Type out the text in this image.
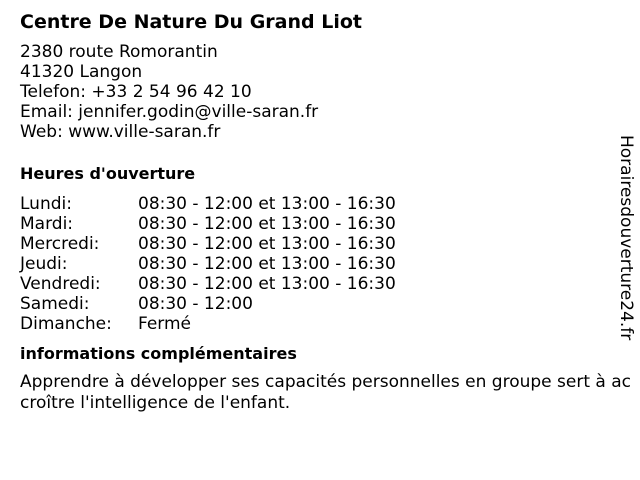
Centre De Nature Du Grand Liot
2380 route Romorantin
41320 Langon
Telefon: +33 2 54 96 42 10
Email: jennifer.godin@ville-saran.fr
Web: www.ville-saran.fr
Heures d'ouverture
Lundi:	08:30 - 12:00 et 13:00 - 16:30
Mardi:	08:30 - 12:00 et 13:00 - 16:30
Mercredi:	08:30 - 12:00 et 13:00 - 16:30
Jeudi:	08:30 - 12:00 et 13:00 - 16:30
Vendredi:	08:30 - 12:00 et 13:00 - 16:30
Samedi:	08:30 - 12:00
Dimanche:	Fermé
informations complémentaires
Apprendre à développer ses capacités personnelles en groupe sert à accroître l'intelligence de l'enfant.
Horairesdouverture24.fr
